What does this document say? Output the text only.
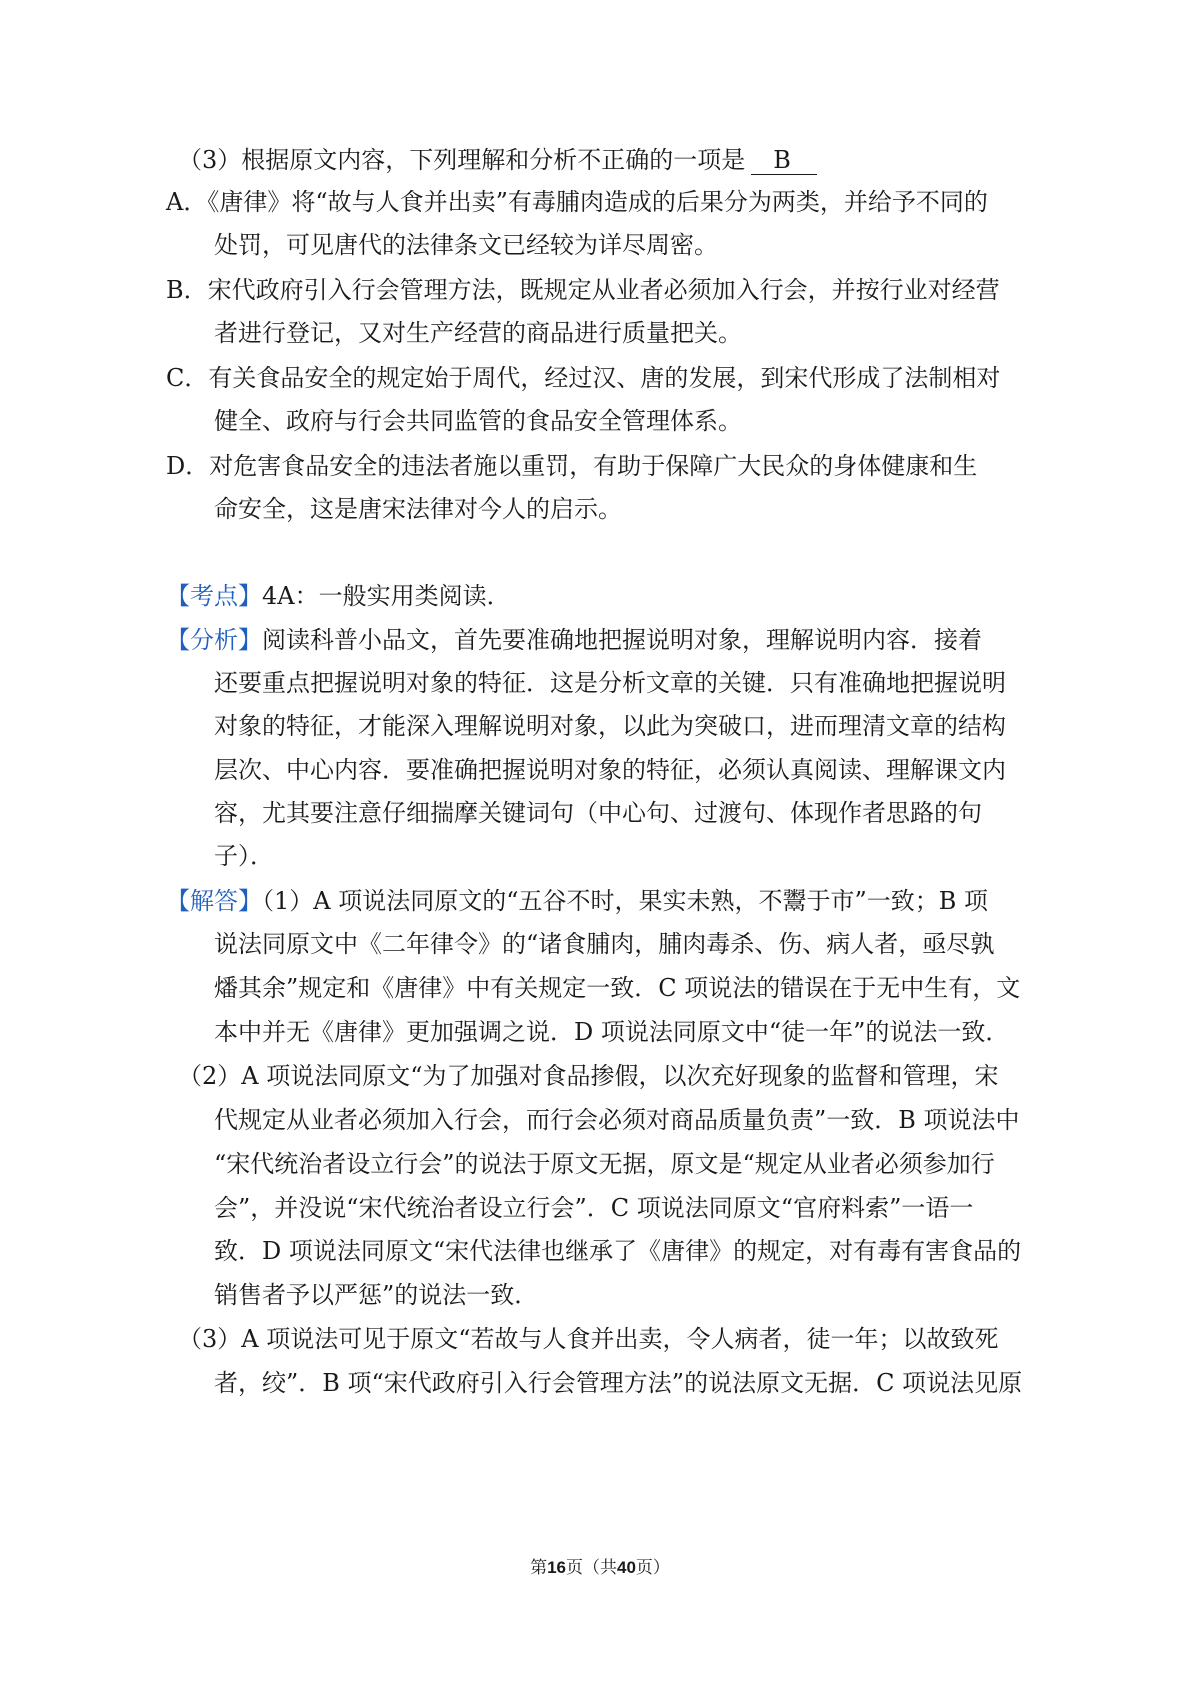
（3）根据原文内容，下列理解和分析不正确的一项是 B
A．《唐律》将“故与人食并出卖”有毒脯肉造成的后果分为两类，并给予不同的
处罚，可见唐代的法律条文已经较为详尽周密。
B．宋代政府引入行会管理方法，既规定从业者必须加入行会，并按行业对经营
者进行登记，又对生产经营的商品进行质量把关。
C．有关食品安全的规定始于周代，经过汉、唐的发展，到宋代形成了法制相对
健全、政府与行会共同监管的食品安全管理体系。
D．对危害食品安全的违法者施以重罚，有助于保障广大民众的身体健康和生
命安全，这是唐宋法律对今人的启示。
【考点】4A：一般实用类阅读．
【分析】阅读科普小品文，首先要准确地把握说明对象，理解说明内容．接着
还要重点把握说明对象的特征．这是分析文章的关键．只有准确地把握说明
对象的特征，才能深入理解说明对象，以此为突破口，进而理清文章的结构
层次、中心内容．要准确把握说明对象的特征，必须认真阅读、理解课文内
容，尤其要注意仔细揣摩关键词句（中心句、过渡句、体现作者思路的句
子）．
【解答】（1）A 项说法同原文的“五谷不时，果实未熟，不鬻于市”一致；B 项
说法同原文中《二年律令》的“诸食脯肉，脯肉毒杀、伤、病人者，亟尽孰
燔其余”规定和《唐律》中有关规定一致．C 项说法的错误在于无中生有，文
本中并无《唐律》更加强调之说．D 项说法同原文中“徒一年”的说法一致．
（2）A 项说法同原文“为了加强对食品掺假，以次充好现象的监督和管理，宋
代规定从业者必须加入行会，而行会必须对商品质量负责”一致．B 项说法中
“宋代统治者设立行会”的说法于原文无据，原文是“规定从业者必须参加行
会”，并没说“宋代统治者设立行会”．C 项说法同原文“官府料索”一语一
致．D 项说法同原文“宋代法律也继承了《唐律》的规定，对有毒有害食品的
销售者予以严惩”的说法一致．
（3）A 项说法可见于原文“若故与人食并出卖，令人病者，徒一年；以故致死
者，绞”．B 项“宋代政府引入行会管理方法”的说法原文无据．C 项说法见原
第16页（共40页）
